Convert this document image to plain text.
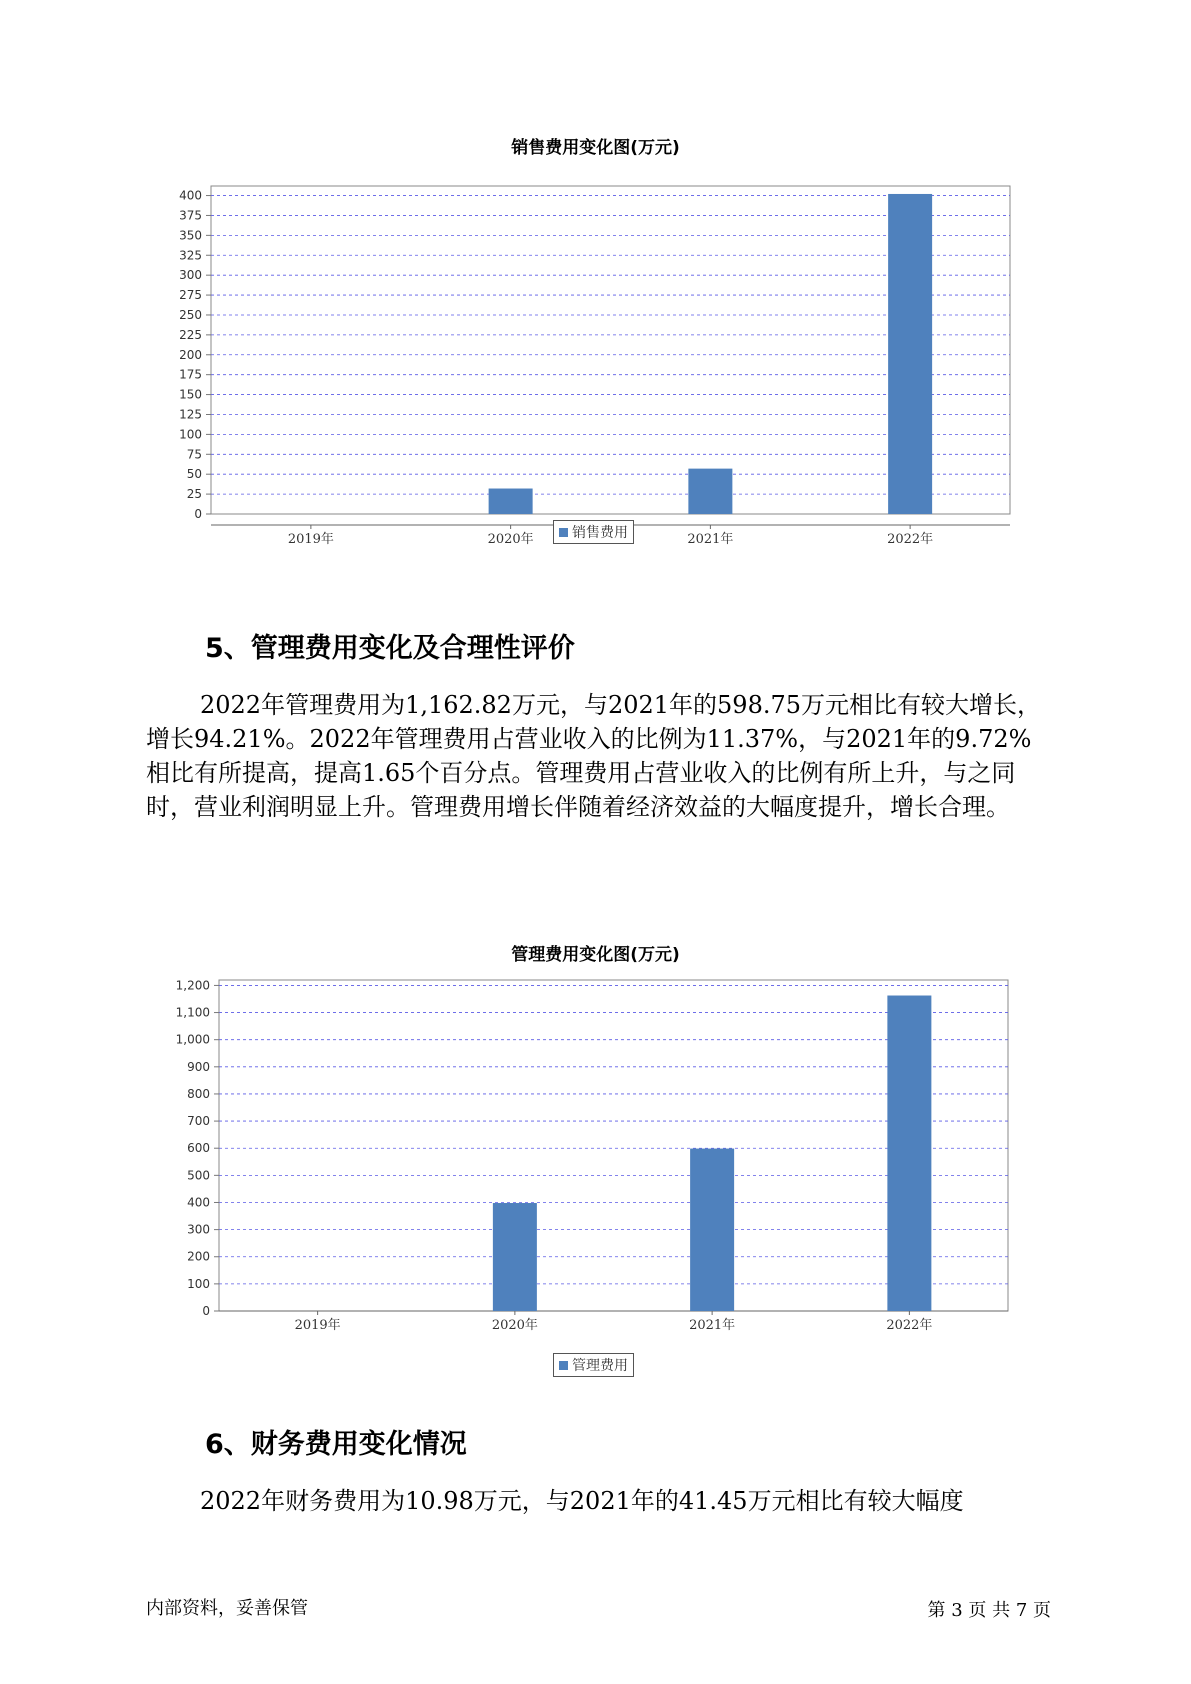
销售费用变化图(万元)
0
25
50
75
100
125
150
175
200
225
250
275
300
325
350
375
400
2019年	2020年	2021年	2022年
销售费用
5、管理费用变化及合理性评价

2022年管理费用为1,162.82万元，与2021年的598.75万元相比有较大增长，增长94.21%。2022年管理费用占营业收入的比例为11.37%，与2021年的9.72%相比有所提高，提高1.65个百分点。管理费用占营业收入的比例有所上升，与之同时，营业利润明显上升。管理费用增长伴随着经济效益的大幅度提升，增长合理。

管理费用变化图(万元)
0
100
200
300
400
500
600
700
800
900
1,000
1,100
1,200
2019年	2020年	2021年	2022年
管理费用
6、财务费用变化情况

2022年财务费用为10.98万元，与2021年的41.45万元相比有较大幅度

内部资料，妥善保管	第 3 页 共 7 页
